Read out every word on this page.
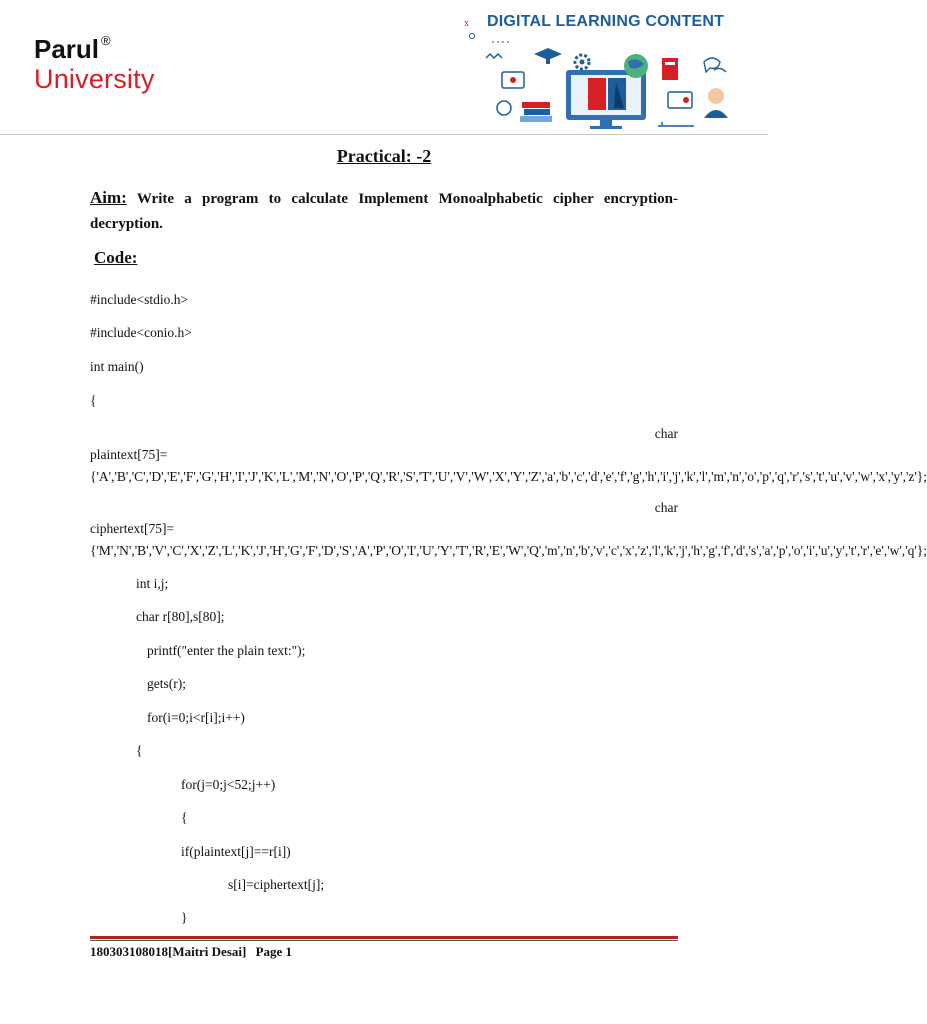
Parul ®
University
DIGITAL LEARNING CONTENT
x

Practical: -2

Aim: Write a program to calculate Implement Monoalphabetic cipher encryption-decryption.
Code:
#include<stdio.h>
#include<conio.h>
int main()
{
char
plaintext[75]={'A','B','C','D','E','F','G','H','I','J','K','L','M','N','O','P','Q','R','S','T','U','V','W','X','Y','Z','a','b','c','d','e','f','g','h','i','j','k','l','m','n','o','p','q','r','s','t','u','v','w','x','y','z'};
char
ciphertext[75]={'M','N','B','V','C','X','Z','L','K','J','H','G','F','D','S','A','P','O','I','U','Y','T','R','E','W','Q','m','n','b','v','c','x','z','l','k','j','h','g','f','d','s','a','p','o','i','u','y','t','r','e','w','q'};
int i,j;
char r[80],s[80];
printf("enter the plain text:");
gets(r);
for(i=0;i<r[i];i++)
{
for(j=0;j<52;j++)
{
if(plaintext[j]==r[i])
s[i]=ciphertext[j];
}
180303108018[Maitri Desai] Page 1
